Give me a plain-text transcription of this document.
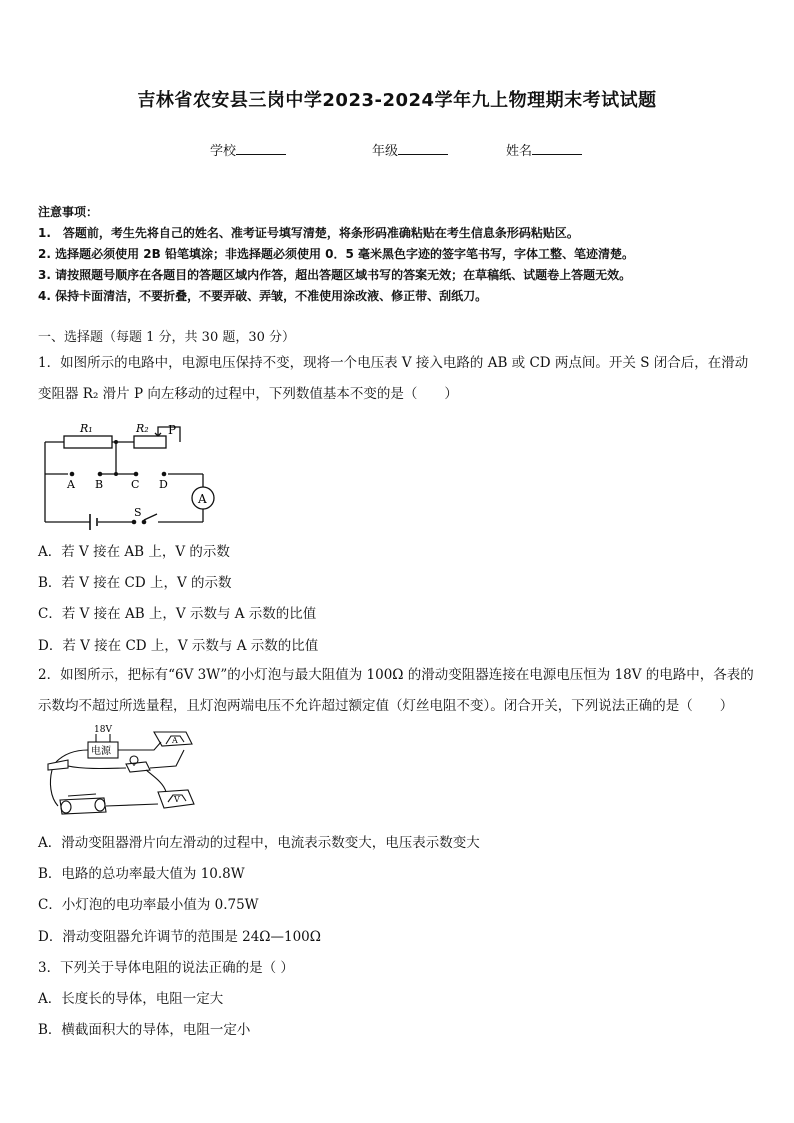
吉林省农安县三岗中学2023-2024学年九上物理期末考试试题
学校	年级	姓名
注意事项：
1.　答题前，考生先将自己的姓名、准考证号填写清楚，将条形码准确粘贴在考生信息条形码粘贴区。
2. 选择题必须使用 2B 铅笔填涂；非选择题必须使用 0．5 毫米黑色字迹的签字笔书写，字体工整、笔迹清楚。
3. 请按照题号顺序在各题目的答题区域内作答，超出答题区域书写的答案无效；在草稿纸、试题卷上答题无效。
4. 保持卡面清洁，不要折叠，不要弄破、弄皱，不准使用涂改液、修正带、刮纸刀。
一、选择题（每题 1 分，共 30 题，30 分）
1．如图所示的电路中，电源电压保持不变，现将一个电压表 V 接入电路的 AB 或 CD 两点间。开关 S 闭合后，在滑动变阻器 R₂ 滑片 P 向左移动的过程中，下列数值基本不变的是（　　）
R₁	R₂ P
A B	C D
A
S
A．若 V 接在 AB 上，V 的示数
B．若 V 接在 CD 上，V 的示数
C．若 V 接在 AB 上，V 示数与 A 示数的比值
D．若 V 接在 CD 上，V 示数与 A 示数的比值
2．如图所示，把标有“6V 3W”的小灯泡与最大阻值为 100Ω 的滑动变阻器连接在电源电压恒为 18V 的电路中，各表的示数均不超过所选量程，且灯泡两端电压不允许超过额定值（灯丝电阻不变）。闭合开关，下列说法正确的是（　　）
18V
电源
A
V
A．滑动变阻器滑片向左滑动的过程中，电流表示数变大，电压表示数变大
B．电路的总功率最大值为 10.8W
C．小灯泡的电功率最小值为 0.75W
D．滑动变阻器允许调节的范围是 24Ω—100Ω
3．下列关于导体电阻的说法正确的是（ ）
A．长度长的导体，电阻一定大
B．横截面积大的导体，电阻一定小
